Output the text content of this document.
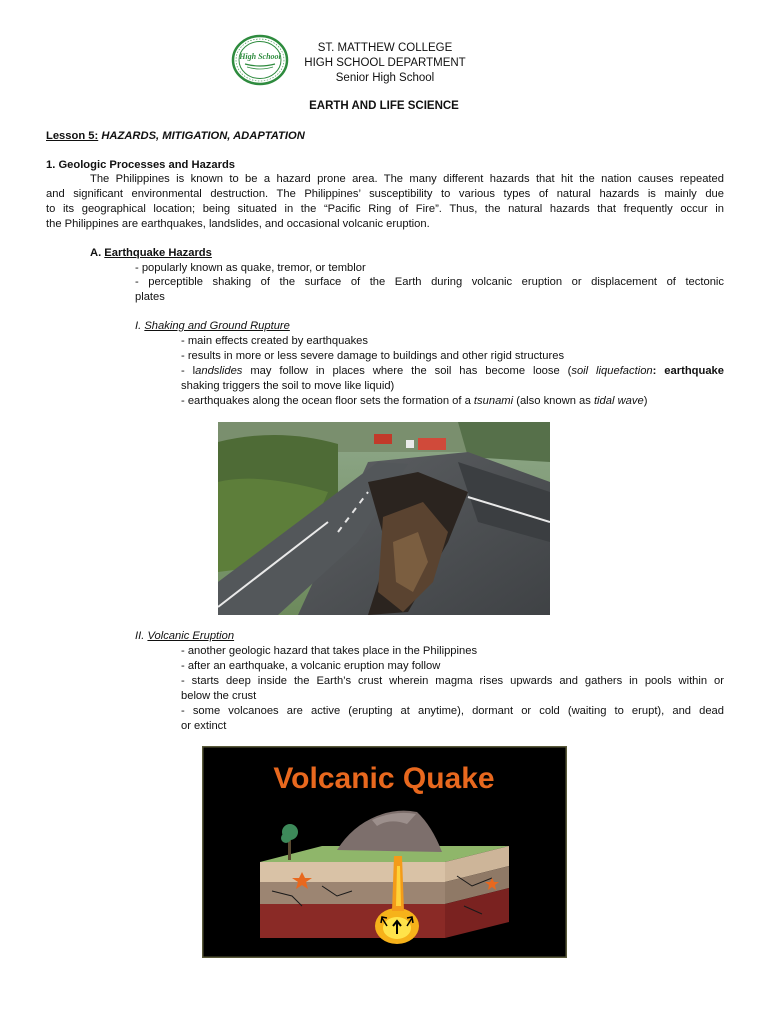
High School
ST. MATTHEW COLLEGE
HIGH SCHOOL DEPARTMENT
Senior High School
EARTH AND LIFE SCIENCE
Lesson 5: HAZARDS, MITIGATION, ADAPTATION
1. Geologic Processes and Hazards
The Philippines is known to be a hazard prone area. The many different hazards that hit the nation causes repeated
and significant environmental destruction. The Philippines’ susceptibility to various types of natural hazards is mainly due
to its geographical location; being situated in the “Pacific Ring of Fire”. Thus, the natural hazards that frequently occur in
the Philippines are earthquakes, landslides, and occasional volcanic eruption.
A. Earthquake Hazards
- popularly known as quake, tremor, or temblor
- perceptible shaking of the surface of the Earth during volcanic eruption or displacement of tectonic
plates
I. Shaking and Ground Rupture
- main effects created by earthquakes
- results in more or less severe damage to buildings and other rigid structures
- landslides may follow in places where the soil has become loose (soil liquefaction: earthquake
shaking triggers the soil to move like liquid)
- earthquakes along the ocean floor sets the formation of a tsunami (also known as tidal wave)
II. Volcanic Eruption
- another geologic hazard that takes place in the Philippines
- after an earthquake, a volcanic eruption may follow
- starts deep inside the Earth’s crust wherein magma rises upwards and gathers in pools within or
below the crust
- some volcanoes are active (erupting at anytime), dormant or cold (waiting to erupt), and dead
or extinct
Volcanic Quake
